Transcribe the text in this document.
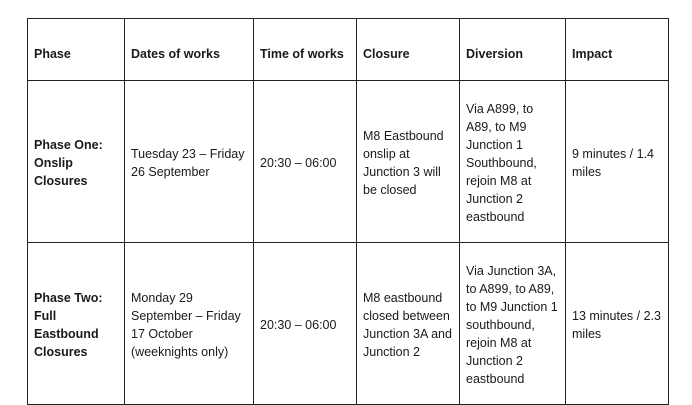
Phase	Dates of works	Time of works	Closure	Diversion	Impact
Phase One: Onslip Closures	Tuesday 23 – Friday 26 September	20:30 – 06:00	M8 Eastbound onslip at Junction 3 will be closed	Via A899, to A89, to M9 Junction 1 Southbound, rejoin M8 at Junction 2 eastbound	9 minutes / 1.4 miles
Phase Two: Full Eastbound Closures	Monday 29 September – Friday 17 October (weeknights only)	20:30 – 06:00	M8 eastbound closed between Junction 3A and Junction 2	Via Junction 3A, to A899, to A89, to M9 Junction 1 southbound, rejoin M8 at Junction 2 eastbound	13 minutes / 2.3 miles
